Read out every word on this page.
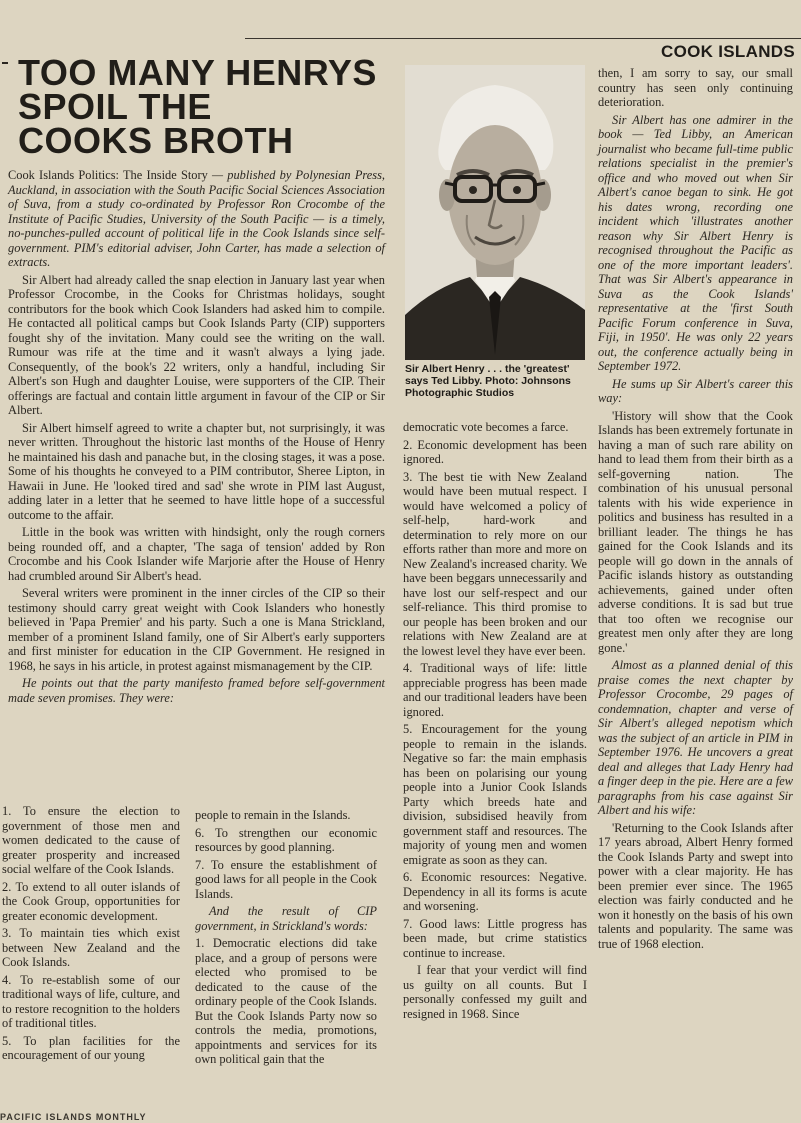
COOK ISLANDS
TOO MANY HENRYS
SPOIL THE
COOKS BROTH

Cook Islands Politics: The Inside Story — published by Polynesian Press, Auckland, in association with the South Pacific Social Sciences Association of Suva, from a study co-ordinated by Professor Ron Crocombe of the Institute of Pacific Studies, University of the South Pacific — is a timely, no-punches-pulled account of political life in the Cook Islands since self-government. PIM's editorial adviser, John Carter, has made a selection of extracts.

Sir Albert had already called the snap election in January last year when Professor Crocombe, in the Cooks for Christmas holidays, sought contributors for the book which Cook Islanders had asked him to compile. He contacted all political camps but Cook Islands Party (CIP) supporters fought shy of the invitation. Many could see the writing on the wall. Rumour was rife at the time and it wasn't always a lying jade. Consequently, of the book's 22 writers, only a handful, including Sir Albert's son Hugh and daughter Louise, were supporters of the CIP. Their offerings are factual and contain little argument in favour of the CIP or Sir Albert.

Sir Albert himself agreed to write a chapter but, not surprisingly, it was never written. Throughout the historic last months of the House of Henry he maintained his dash and panache but, in the closing stages, it was a pose. Some of his thoughts he conveyed to a PIM contributor, Sheree Lipton, in Hawaii in June. He 'looked tired and sad' she wrote in PIM last August, adding later in a letter that he seemed to have little hope of a successful outcome to the affair.

Little in the book was written with hindsight, only the rough corners being rounded off, and a chapter, 'The saga of tension' added by Ron Crocombe and his Cook Islander wife Marjorie after the House of Henry had crumbled around Sir Albert's head.

Several writers were prominent in the inner circles of the CIP so their testimony should carry great weight with Cook Islanders who honestly believed in 'Papa Premier' and his party. Such a one is Mana Strickland, member of a prominent Island family, one of Sir Albert's early supporters and first minister for education in the CIP Government. He resigned in 1968, he says in his article, in protest against mismanagement by the CIP.

He points out that the party manifesto framed before self-government made seven promises. They were:

1. To ensure the election to government of those men and women dedicated to the cause of greater prosperity and increased social welfare of the Cook Islands.

2. To extend to all outer islands of the Cook Group, opportunities for greater economic development.

3. To maintain ties which exist between New Zealand and the Cook Islands.

4. To re-establish some of our traditional ways of life, culture, and to restore recognition to the holders of traditional titles.

5. To plan facilities for the encouragement of our young

people to remain in the Islands.

6. To strengthen our economic resources by good planning.

7. To ensure the establishment of good laws for all people in the Cook Islands.

And the result of CIP government, in Strickland's words:

1. Democratic elections did take place, and a group of persons were elected who promised to be dedicated to the cause of the ordinary people of the Cook Islands. But the Cook Islands Party now so controls the media, promotions, appointments and services for its own political gain that the

Sir Albert Henry . . . the 'greatest' says Ted Libby. Photo: Johnsons Photographic Studios

democratic vote becomes a farce.

2. Economic development has been ignored.

3. The best tie with New Zealand would have been mutual respect. I would have welcomed a policy of self-help, hard-work and determination to rely more on our efforts rather than more and more on New Zealand's increased charity. We have been beggars unnecessarily and have lost our self-respect and our self-reliance. This third promise to our people has been broken and our relations with New Zealand are at the lowest level they have ever been.

4. Traditional ways of life: little appreciable progress has been made and our traditional leaders have been ignored.

5. Encouragement for the young people to remain in the islands. Negative so far: the main emphasis has been on polarising our young people into a Junior Cook Islands Party which breeds hate and division, subsidised heavily from government staff and resources. The majority of young men and women emigrate as soon as they can.

6. Economic resources: Negative. Dependency in all its forms is acute and worsening.

7. Good laws: Little progress has been made, but crime statistics continue to increase.

I fear that your verdict will find us guilty on all counts. But I personally confessed my guilt and resigned in 1968. Since

then, I am sorry to say, our small country has seen only continuing deterioration.

Sir Albert has one admirer in the book — Ted Libby, an American journalist who became full-time public relations specialist in the premier's office and who moved out when Sir Albert's canoe began to sink. He got his dates wrong, recording one incident which 'illustrates another reason why Sir Albert Henry is recognised throughout the Pacific as one of the more important leaders'. That was Sir Albert's appearance in Suva as the Cook Islands' representative at the 'first South Pacific Forum conference in Suva, Fiji, in 1950'. He was only 22 years out, the conference actually being in September 1972.

He sums up Sir Albert's career this way:

'History will show that the Cook Islands has been extremely fortunate in having a man of such rare ability on hand to lead them from their birth as a self-governing nation. The combination of his unusual personal talents with his wide experience in politics and business has resulted in a brilliant leader. The things he has gained for the Cook Islands and its people will go down in the annals of Pacific islands history as outstanding achievements, gained under often adverse conditions. It is sad but true that too often we recognise our greatest men only after they are long gone.'

Almost as a planned denial of this praise comes the next chapter by Professor Crocombe, 29 pages of condemnation, chapter and verse of Sir Albert's alleged nepotism which was the subject of an article in PIM in September 1976. He uncovers a great deal and alleges that Lady Henry had a finger deep in the pie. Here are a few paragraphs from his case against Sir Albert and his wife:

'Returning to the Cook Islands after 17 years abroad, Albert Henry formed the Cook Islands Party and swept into power with a clear majority. He has been premier ever since. The 1965 election was fairly conducted and he won it honestly on the basis of his own talents and popularity. The same was true of 1968 election.

PACIFIC ISLANDS MONTHLY
